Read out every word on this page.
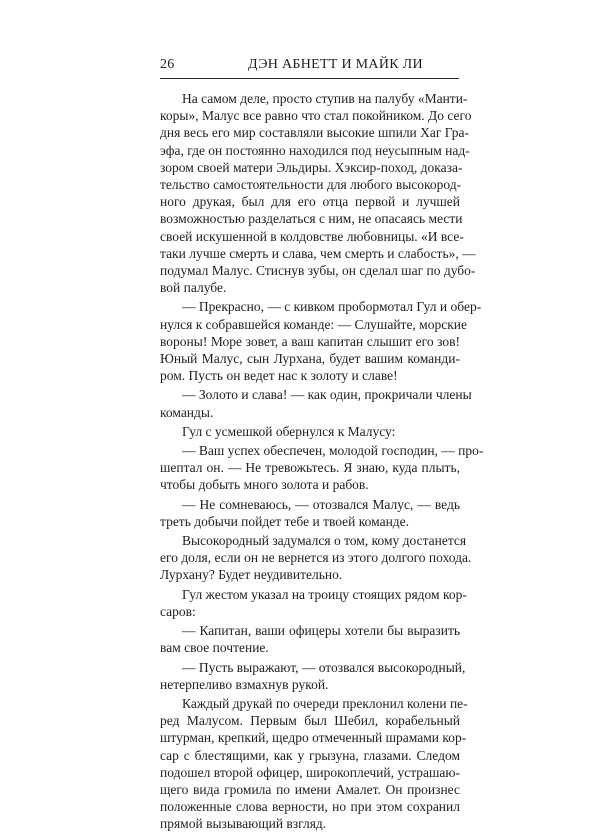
26	ДЭН АБНЕТТ И МАЙК ЛИ
На самом деле, просто ступив на палубу «Манти-
коры», Малус все равно что стал покойником. До сего
дня весь его мир составляли высокие шпили Хаг Гра-
эфа, где он постоянно находился под неусыпным над-
зором своей матери Эльдиры. Хэксир-поход, доказа-
тельство самостоятельности для любого высокород-
ного друкая, был для его отца первой и лучшей
возможностью разделаться с ним, не опасаясь мести
своей искушенной в колдовстве любовницы. «И все-
таки лучше смерть и слава, чем смерть и слабость», —
подумал Малус. Стиснув зубы, он сделал шаг по дубо-
вой палубе.
— Прекрасно, — с кивком пробормотал Гул и обер-
нулся к собравшейся команде: — Слушайте, морские
вороны! Море зовет, а ваш капитан слышит его зов!
Юный Малус, сын Лурхана, будет вашим команди-
ром. Пусть он ведет нас к золоту и славе!
— Золото и слава! — как один, прокричали члены
команды.
Гул с усмешкой обернулся к Малусу:
— Ваш успех обеспечен, молодой господин, — про-
шептал он. — Не тревожьтесь. Я знаю, куда плыть,
чтобы добыть много золота и рабов.
— Не сомневаюсь, — отозвался Малус, — ведь
треть добычи пойдет тебе и твоей команде.
Высокородный задумался о том, кому достанется
его доля, если он не вернется из этого долгого похода.
Лурхану? Будет неудивительно.
Гул жестом указал на троицу стоящих рядом кор-
саров:
— Капитан, ваши офицеры хотели бы выразить
вам свое почтение.
— Пусть выражают, — отозвался высокородный,
нетерпеливо взмахнув рукой.
Каждый друкай по очереди преклонил колени пе-
ред Малусом. Первым был Шебил, корабельный
штурман, крепкий, щедро отмеченный шрамами кор-
сар с блестящими, как у грызуна, глазами. Следом
подошел второй офицер, широкоплечий, устрашаю-
щего вида громила по имени Амалет. Он произнес
положенные слова верности, но при этом сохранил
прямой вызывающий взгляд.
